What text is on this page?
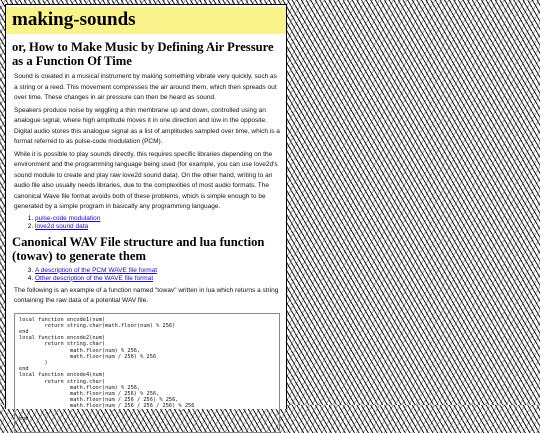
making-sounds
or, How to Make Music by Defining Air Pressure as a Function Of Time

Sound is created in a musical instrument by making something vibrate very quickly, such as a string or a reed. This movement compresses the air around them, which then spreads out over time. These changes in air pressure can then be heard as sound.

Speakers produce noise by wiggling a thin membrane up and down, controlled using an analogue signal, where high amplitude moves it in one direction and low in the opposite. Digital audio stores this analogue signal as a list of amplitudes sampled over time, which is a format referred to as pulse-code modulation (PCM).

While it is possible to play sounds directly, this requires specific libraries depending on the environment and the programming language being used (for example, you can use love2d's sound module to create and play raw love2d sound data). On the other hand, writing to an audio file also usually needs libraries, due to the complexities of most audio formats. The canonical Wave file format avoids both of these problems, which is simple enough to be generated by a simple program in basically any programming language.

1. pulse-code modulation
2. love2d sound data
Canonical WAV File structure and lua function (towav) to generate them
3. A description of the PCM WAVE file format
4. Other description of the WAVE file format

The following is an example of a function named "towav" written in lua which returns a string containing the raw data of a potential WAV file.

local function encode1(num)
return string.char(math.floor(num) % 256)
end
local function encode2(num)
return string.char(
math.floor(num) % 256,
math.floor(num / 256) % 256
)
end
local function encode4(num)
return string.char(
math.floor(num) % 256,
math.floor(num / 256) % 256,
math.floor(num / 256 / 256) % 256,
math.floor(num / 256 / 256 / 256) % 256
)
end
